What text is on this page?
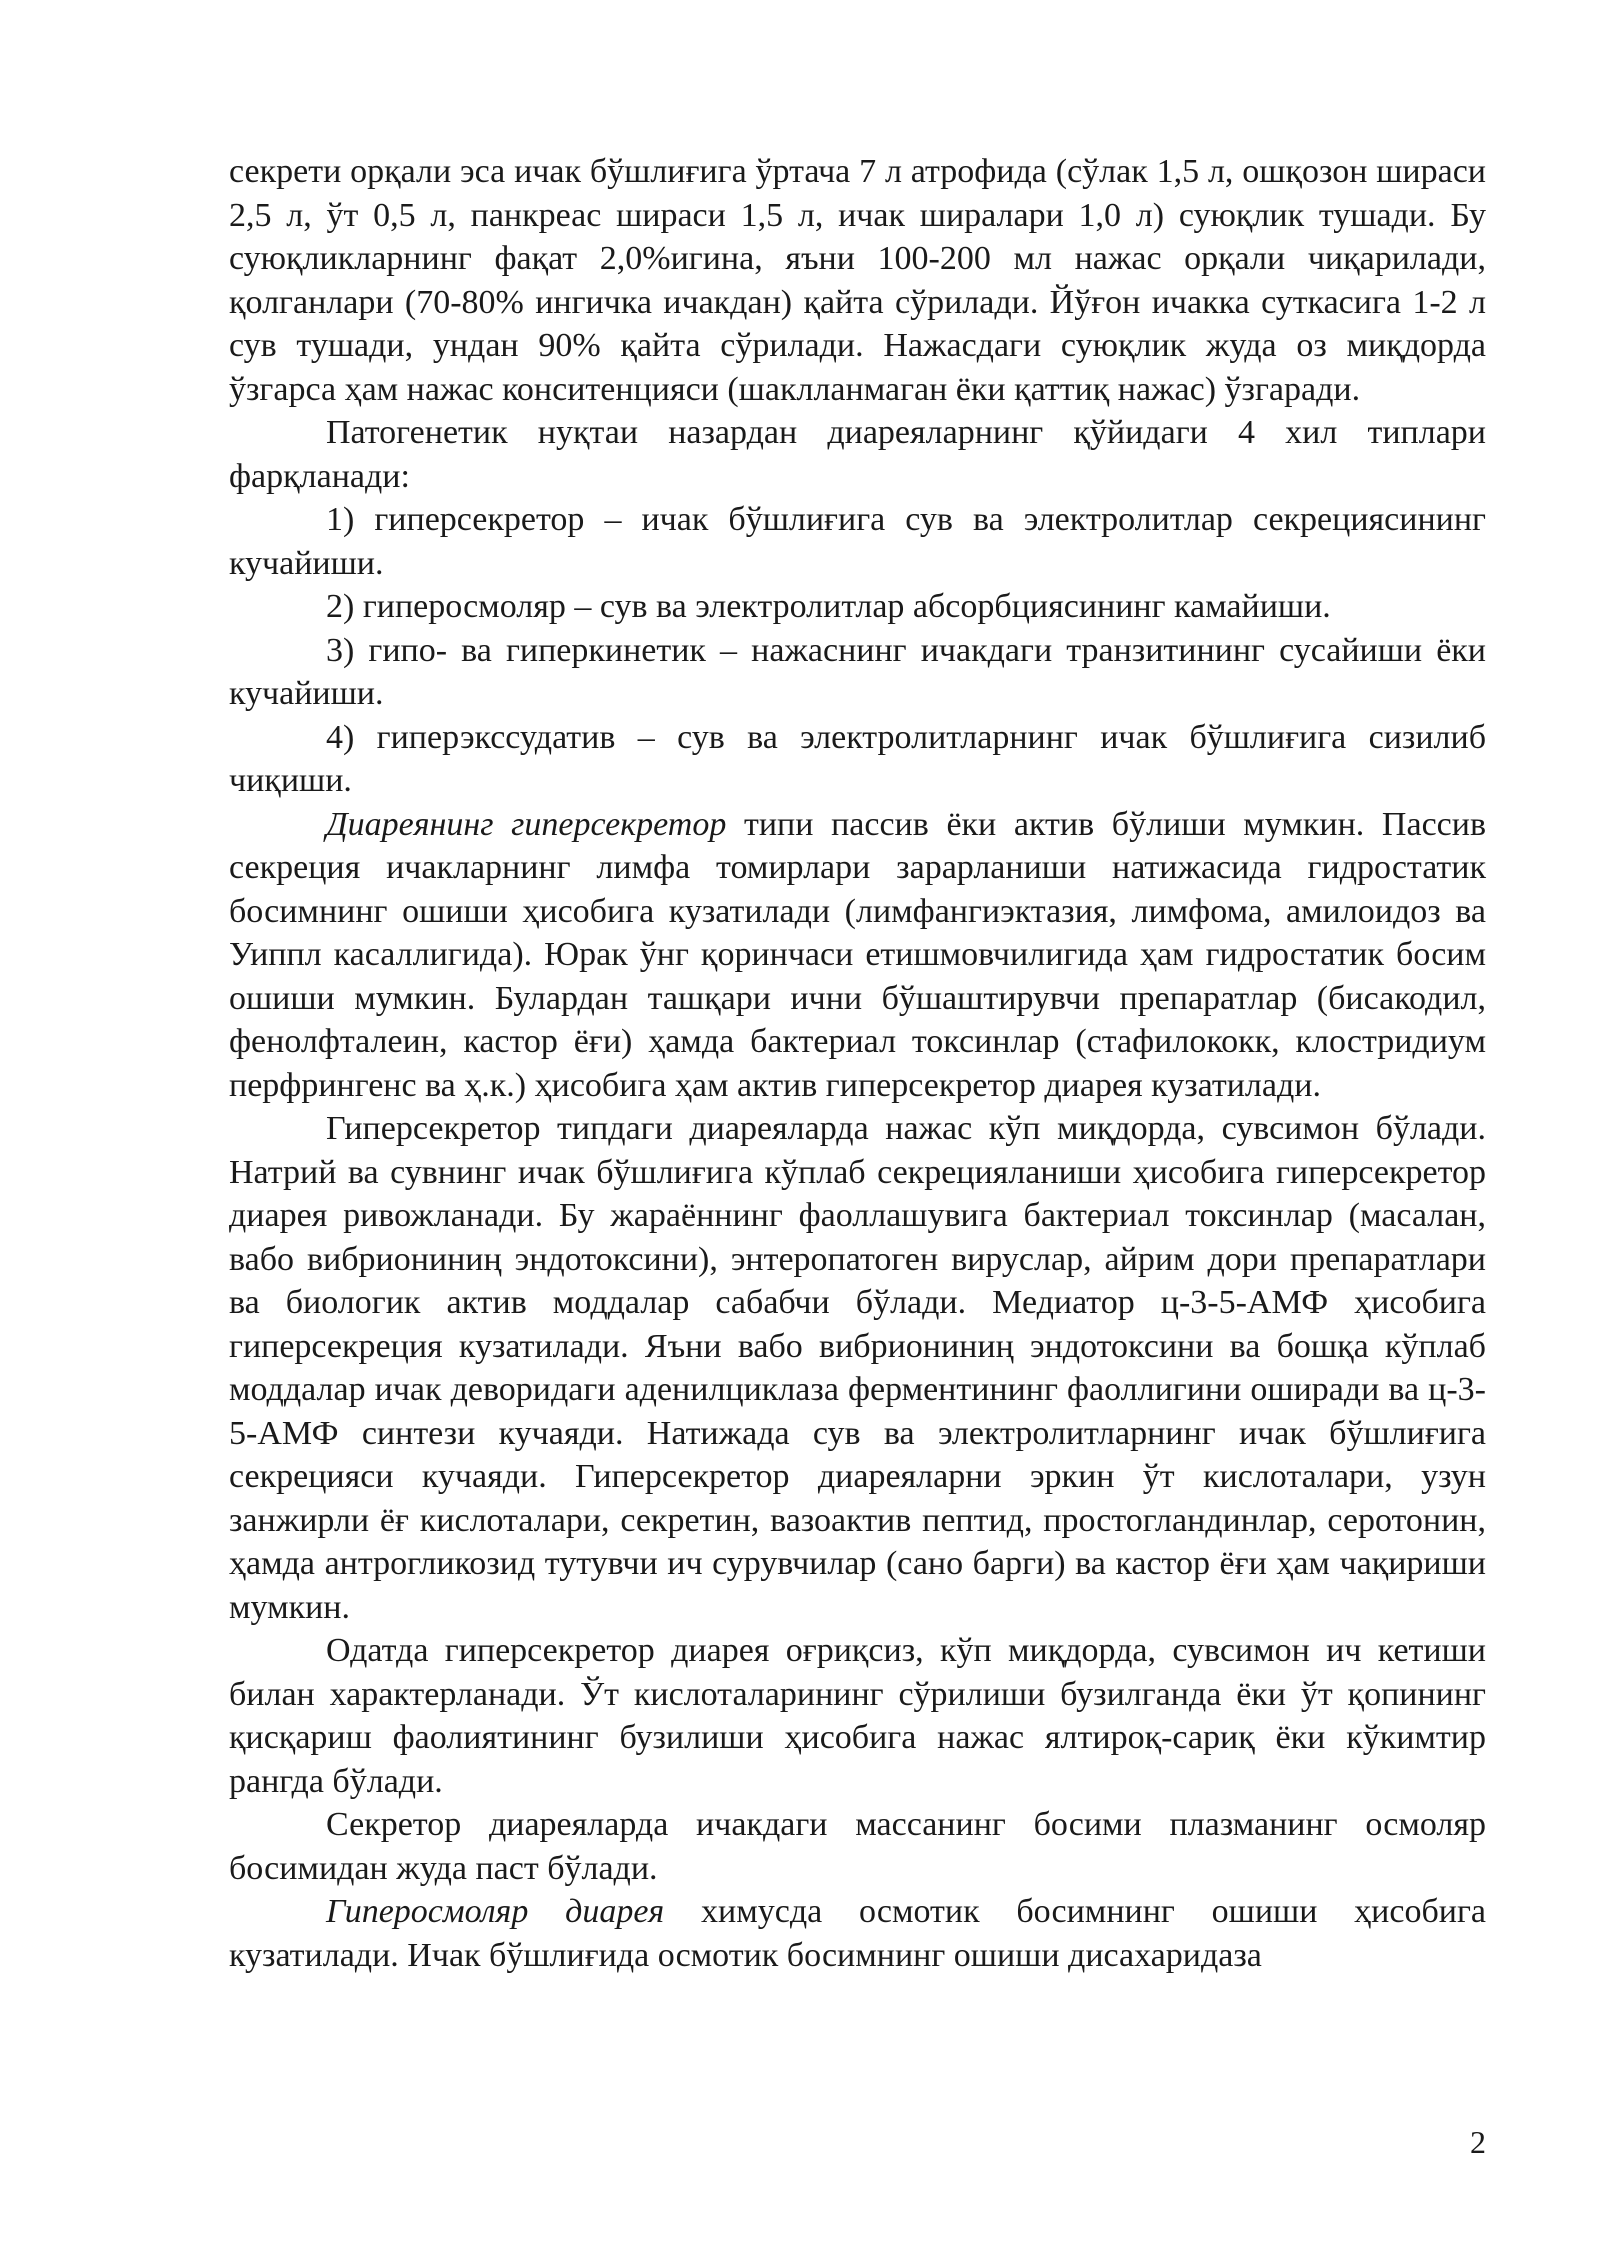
секрети орқали эса ичак бўшлиғига ўртача 7 л атрофида (сўлак 1,5 л, ошқозон шираси 2,5 л, ўт 0,5 л, панкреас шираси 1,5 л, ичак ширалари 1,0 л) суюқлик тушади. Бу суюқликларнинг фақат 2,0%игина, яъни 100-200 мл нажас орқали чиқарилади, қолганлари (70-80% ингичка ичакдан) қайта сўрилади. Йўғон ичакка суткасига 1-2 л сув тушади, ундан 90% қайта сўрилади. Нажасдаги суюқлик жуда оз миқдорда ўзгарса ҳам нажас конситенцияси (шаклланмаган ёки қаттиқ нажас) ўзгаради.

Патогенетик нуқтаи назардан диареяларнинг қўйидаги 4 хил типлари фарқланади:

1) гиперсекретор – ичак бўшлиғига сув ва электролитлар секрециясининг кучайиши.

2) гиперосмоляр – сув ва электролитлар абсорбциясининг камайиши.

3) гипо- ва гиперкинетик – нажаснинг ичакдаги транзитининг сусайиши ёки кучайиши.

4) гиперэкссудатив – сув ва электролитларнинг ичак бўшлиғига сизилиб чиқиши.

Диареянинг гиперсекретор типи пассив ёки актив бўлиши мумкин. Пассив секреция ичакларнинг лимфа томирлари зарарланиши натижасида гидростатик босимнинг ошиши ҳисобига кузатилади (лимфангиэктазия, лимфома, амилоидоз ва Уиппл касаллигида). Юрак ўнг қоринчаси етишмовчилигида ҳам гидростатик босим ошиши мумкин. Булардан ташқари ични бўшаштирувчи препаратлар (бисакодил, фенолфталеин, кастор ёғи) ҳамда бактериал токсинлар (стафилококк, клостридиум перфрингенс ва ҳ.к.) ҳисобига ҳам актив гиперсекретор диарея кузатилади.

Гиперсекретор типдаги диареяларда нажас кўп миқдорда, сувсимон бўлади. Натрий ва сувнинг ичак бўшлиғига кўплаб секрецияланиши ҳисобига гиперсекретор диарея ривожланади. Бу жараённинг фаоллашувига бактериал токсинлар (масалан, вабо вибриониниң эндотоксини), энтеропатоген вируслар, айрим дори препаратлари ва биологик актив моддалар сабабчи бўлади. Медиатор ц-3-5-АМФ ҳисобига гиперсекреция кузатилади. Яъни вабо вибриониниң эндотоксини ва бошқа кўплаб моддалар ичак деворидаги аденилциклаза ферментининг фаоллигини оширади ва ц-3-5-АМФ синтези кучаяди. Натижада сув ва электролитларнинг ичак бўшлиғига секрецияси кучаяди. Гиперсекретор диареяларни эркин ўт кислоталари, узун занжирли ёғ кислоталари, секретин, вазоактив пептид, простогландинлар, серотонин, ҳамда антрогликозид тутувчи ич сурувчилар (сано барги) ва кастор ёғи ҳам чақириши мумкин.

Одатда гиперсекретор диарея оғриқсиз, кўп миқдорда, сувсимон ич кетиши билан характерланади. Ўт кислоталарининг сўрилиши бузилганда ёки ўт қопининг қисқариш фаолиятининг бузилиши ҳисобига нажас ялтироқ-сариқ ёки кўкимтир рангда бўлади.

Секретор диареяларда ичакдаги массанинг босими плазманинг осмоляр босимидан жуда паст бўлади.

Гиперосмоляр диарея химусда осмотик босимнинг ошиши ҳисобига кузатилади. Ичак бўшлиғида осмотик босимнинг ошиши дисахаридаза

2
